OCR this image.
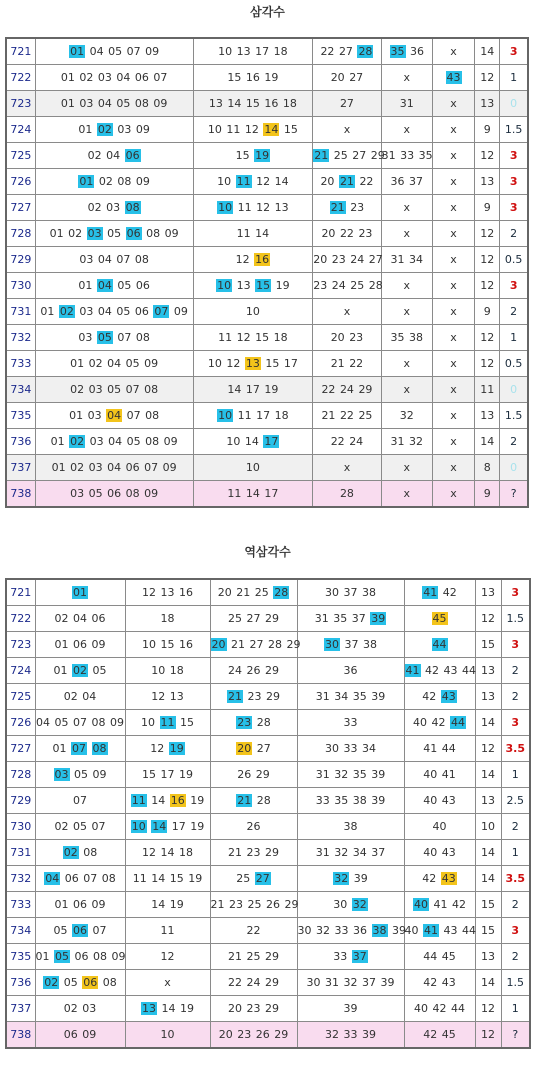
삼각수
721	01 04 05 07 09	10 13 17 18	22 27 28	35 36	x	14	3
722	01 02 03 04 06 07	15 16 19	20 27	x	43	12	1
723	01 03 04 05 08 09	13 14 15 16 18	27	31	x	13	0
724	01 02 03 09	10 11 12 14 15	x	x	x	9	1.5
725	02 04 06	15 19	21 25 27 29	31 33 35	x	12	3
726	01 02 08 09	10 11 12 14	20 21 22	36 37	x	13	3
727	02 03 08	10 11 12 13	21 23	x	x	9	3
728	01 02 03 05 06 08 09	11 14	20 22 23	x	x	12	2
729	03 04 07 08	12 16	20 23 24 27	31 34	x	12	0.5
730	01 04 05 06	10 13 15 19	23 24 25 28	x	x	12	3
731	01 02 03 04 05 06 07 09	10	x	x	x	9	2
732	03 05 07 08	11 12 15 18	20 23	35 38	x	12	1
733	01 02 04 05 09	10 12 13 15 17	21 22	x	x	12	0.5
734	02 03 05 07 08	14 17 19	22 24 29	x	x	11	0
735	01 03 04 07 08	10 11 17 18	21 22 25	32	x	13	1.5
736	01 02 03 04 05 08 09	10 14 17	22 24	31 32	x	14	2
737	01 02 03 04 06 07 09	10	x	x	x	8	0
738	03 05 06 08 09	11 14 17	28	x	x	9	?
역삼각수
721	01	12 13 16	20 21 25 28	30 37 38	41 42	13	3
722	02 04 06	18	25 27 29	31 35 37 39	45	12	1.5
723	01 06 09	10 15 16	20 21 27 28 29	30 37 38	44	15	3
724	01 02 05	10 18	24 26 29	36	41 42 43 44	13	2
725	02 04	12 13	21 23 29	31 34 35 39	42 43	13	2
726	04 05 07 08 09	10 11 15	23 28	33	40 42 44	14	3
727	01 07 08	12 19	20 27	30 33 34	41 44	12	3.5
728	03 05 09	15 17 19	26 29	31 32 35 39	40 41	14	1
729	07	11 14 16 19	21 28	33 35 38 39	40 43	13	2.5
730	02 05 07	10 14 17 19	26	38	40	10	2
731	02 08	12 14 18	21 23 29	31 32 34 37	40 43	14	1
732	04 06 07 08	11 14 15 19	25 27	32 39	42 43	14	3.5
733	01 06 09	14 19	21 23 25 26 29	30 32	40 41 42	15	2
734	05 06 07	11	22	30 32 33 36 38 39	40 41 43 44	15	3
735	01 05 06 08 09	12	21 25 29	33 37	44 45	13	2
736	02 05 06 08	x	22 24 29	30 31 32 37 39	42 43	14	1.5
737	02 03	13 14 19	20 23 29	39	40 42 44	12	1
738	06 09	10	20 23 26 29	32 33 39	42 45	12	?
